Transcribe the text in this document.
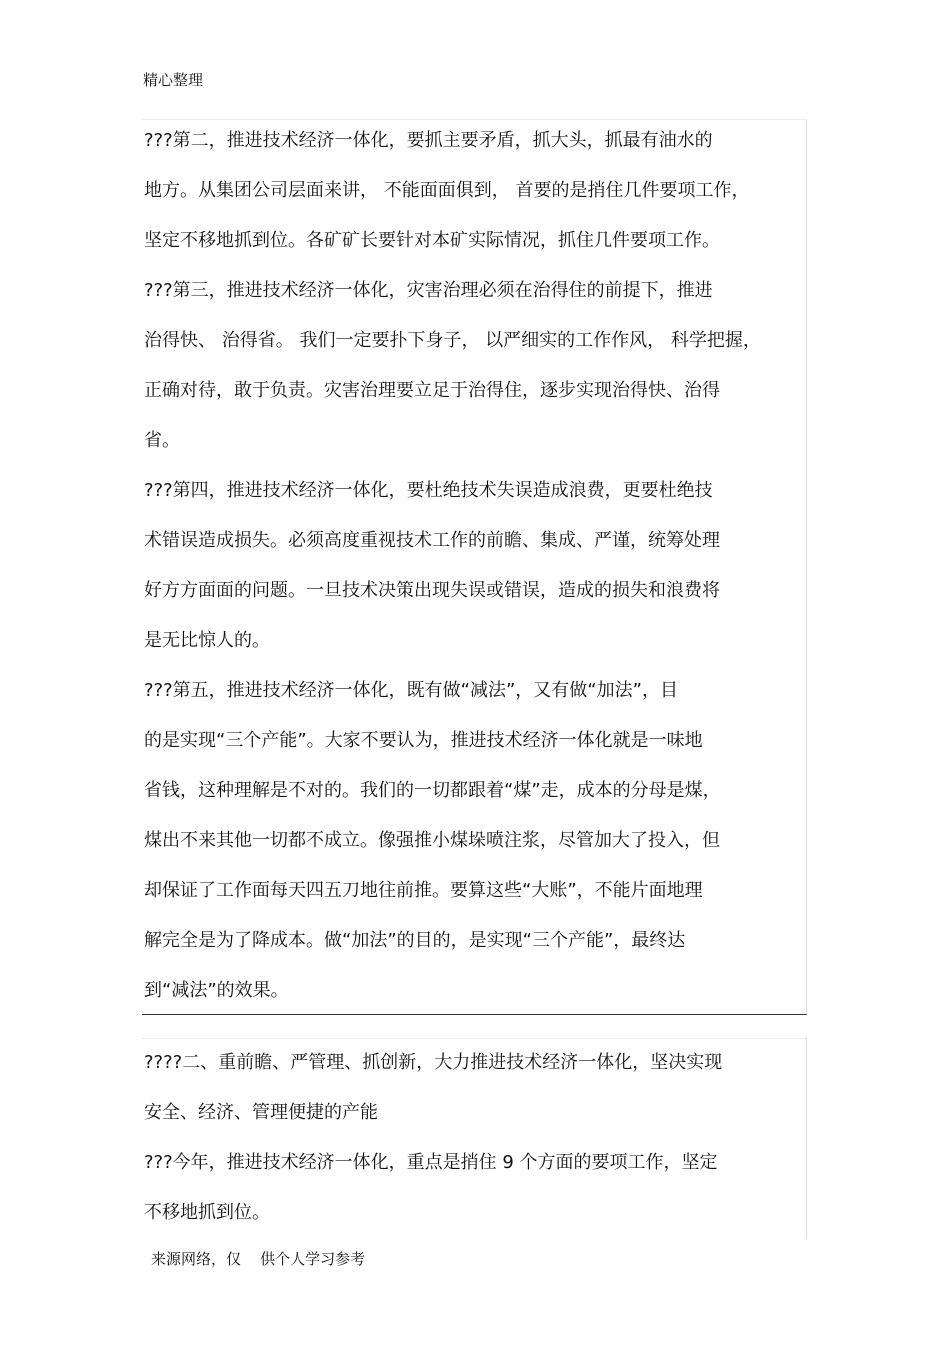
精心整理
???第二，推进技术经济一体化，要抓主要矛盾，抓大头，抓最有油水的
地方。从集团公司层面来讲， 不能面面俱到， 首要的是捎住几件要项工作，
坚定不移地抓到位。各矿矿长要针对本矿实际情况，抓住几件要项工作。
???第三，推进技术经济一体化，灾害治理必须在治得住的前提下，推进
治得快、 治得省。 我们一定要扑下身子， 以严细实的工作作风， 科学把握，
正确对待，敢于负责。灾害治理要立足于治得住，逐步实现治得快、治得
省。
???第四，推进技术经济一体化，要杜绝技术失误造成浪费，更要杜绝技
术错误造成损失。必须高度重视技术工作的前瞻、集成、严谨，统筹处理
好方方面面的问题。一旦技术决策出现失误或错误，造成的损失和浪费将
是无比惊人的。
???第五，推进技术经济一体化，既有做“减法”，又有做“加法”，目
的是实现“三个产能”。大家不要认为，推进技术经济一体化就是一味地
省钱，这种理解是不对的。我们的一切都跟着“煤”走，成本的分母是煤，
煤出不来其他一切都不成立。像强推小煤垛喷注浆，尽管加大了投入，但
却保证了工作面每天四五刀地往前推。要算这些“大账”，不能片面地理
解完全是为了降成本。做“加法”的目的，是实现“三个产能”，最终达
到“减法”的效果。
????二、重前瞻、严管理、抓创新，大力推进技术经济一体化，坚决实现
安全、经济、管理便捷的产能
???今年，推进技术经济一体化，重点是捎住 9 个方面的要项工作，坚定
不移地抓到位。
来源网络，仅    供个人学习参考
